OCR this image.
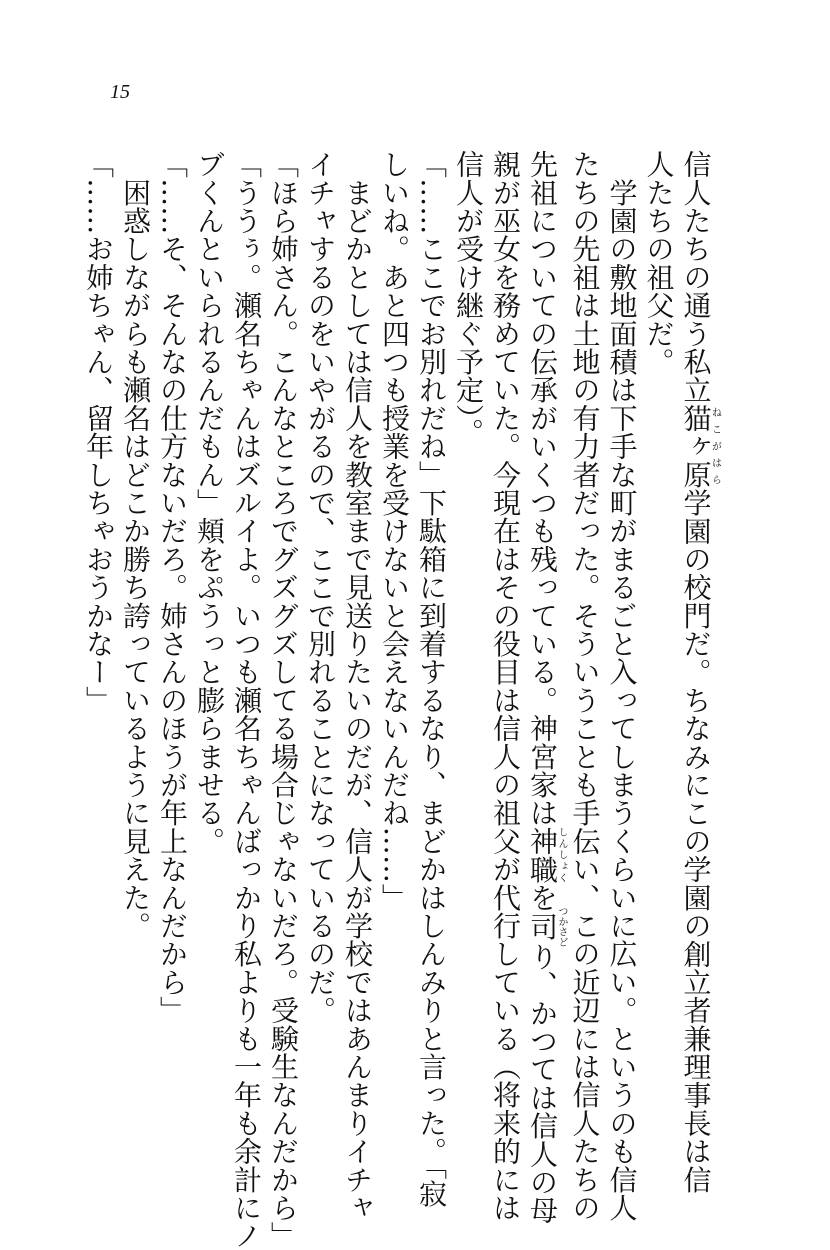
15
信人たちの通う私立猫ヶ原ねこがはら学園の校門だ。ちなみにこの学園の創立者兼理事長は信
人たちの祖父だ。
　学園の敷地面積は下手な町がまるごと入ってしまうくらいに広い。というのも信人
たちの先祖は土地の有力者だった。そういうことも手伝い、この近辺には信人たちの
先祖についての伝承がいくつも残っている。神宮家は神職しんしょくを司つかさどり、かつては信人の母
親が巫女を務めていた。今現在はその役目は信人の祖父が代行している（将来的には
信人が受け継ぐ予定）。
「……ここでお別れだね」下駄箱に到着するなり、まどかはしんみりと言った。「寂
しいね。あと四つも授業を受けないと会えないんだね……」
　まどかとしては信人を教室まで見送りたいのだが、信人が学校ではあんまりイチャ
イチャするのをいやがるので、ここで別れることになっているのだ。
「ほら姉さん。こんなところでグズグズしてる場合じゃないだろ。受験生なんだから」
「ううぅ。瀬名ちゃんはズルイよ。いつも瀬名ちゃんばっかり私よりも一年も余計にノ
ブくんといられるんだもん」頬をぷうっと膨らませる。
「……そ、そんなの仕方ないだろ。姉さんのほうが年上なんだから」
　困惑しながらも瀬名はどこか勝ち誇っているように見えた。
「……お姉ちゃん、留年しちゃおうかなー」
